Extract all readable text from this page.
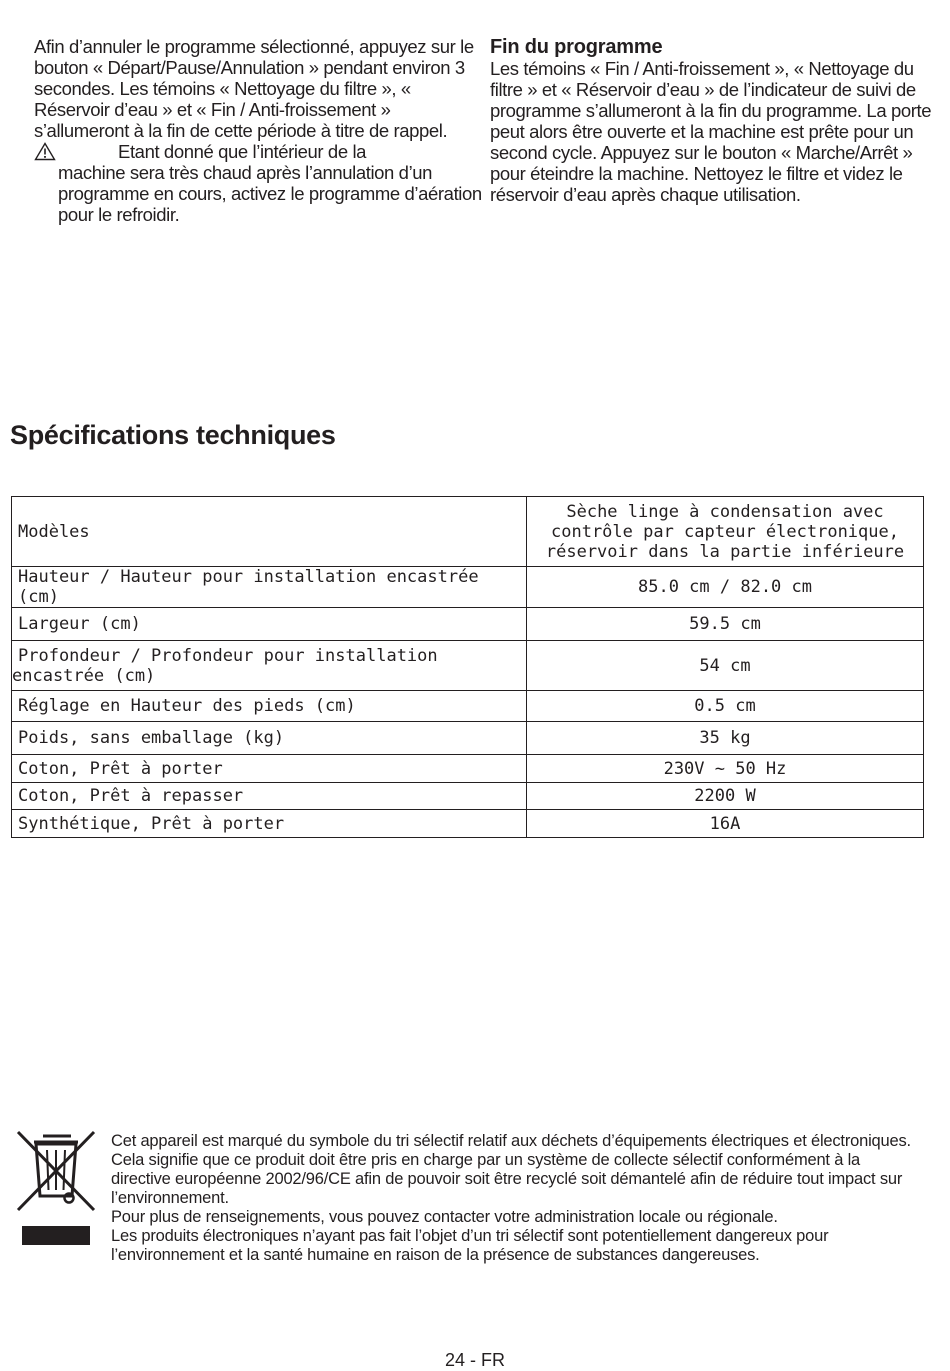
Afin d’annuler le programme sélectionné, appuyez sur le bouton « Départ/Pause/Annulation » pendant environ 3 secondes. Les témoins « Nettoyage du filtre », « Réservoir d’eau » et « Fin / Anti-froissement » s’allumeront à la fin de cette période à titre de rappel.

Etant donné que l’intérieur de la

machine sera très chaud après l’annulation d’un programme en cours, activez le programme d’aération pour le refroidir.

Fin du programme

Les témoins « Fin / Anti-froissement », « Nettoyage du filtre » et « Réservoir d’eau » de l’indicateur de suivi de programme s’allumeront à la fin du programme. La porte peut alors être ouverte et la machine est prête pour un second cycle. Appuyez sur le bouton « Marche/Arrêt » pour éteindre la machine. Nettoyez le filtre et videz le réservoir d’eau après chaque utilisation.

Spécifications techniques
Modèles	Sèche linge à condensation avec contrôle par capteur électronique, réservoir dans la partie inférieure
Hauteur / Hauteur pour installation encastrée (cm)	85.0 cm / 82.0 cm
Largeur (cm)	59.5 cm
Profondeur / Profondeur pour installation encastrée (cm)	54 cm
Réglage en Hauteur des pieds (cm)	0.5 cm
Poids, sans emballage (kg)	35 kg
Coton, Prêt à porter	230V ~ 50 Hz
Coton, Prêt à repasser	2200 W
Synthétique, Prêt à porter	16A

Cet appareil est marqué du symbole du tri sélectif relatif aux déchets d’équipements électriques et électroniques.

Cela signifie que ce produit doit être pris en charge par un système de collecte sélectif conformément à la directive européenne 2002/96/CE afin de pouvoir soit être recyclé soit démantelé afin de réduire tout impact sur l’environnement.

Pour plus de renseignements, vous pouvez contacter votre administration locale ou régionale.

Les produits électroniques n’ayant pas fait l’objet d’un tri sélectif sont potentiellement dangereux pour l’environnement et la santé humaine en raison de la présence de substances dangereuses.

24 - FR
